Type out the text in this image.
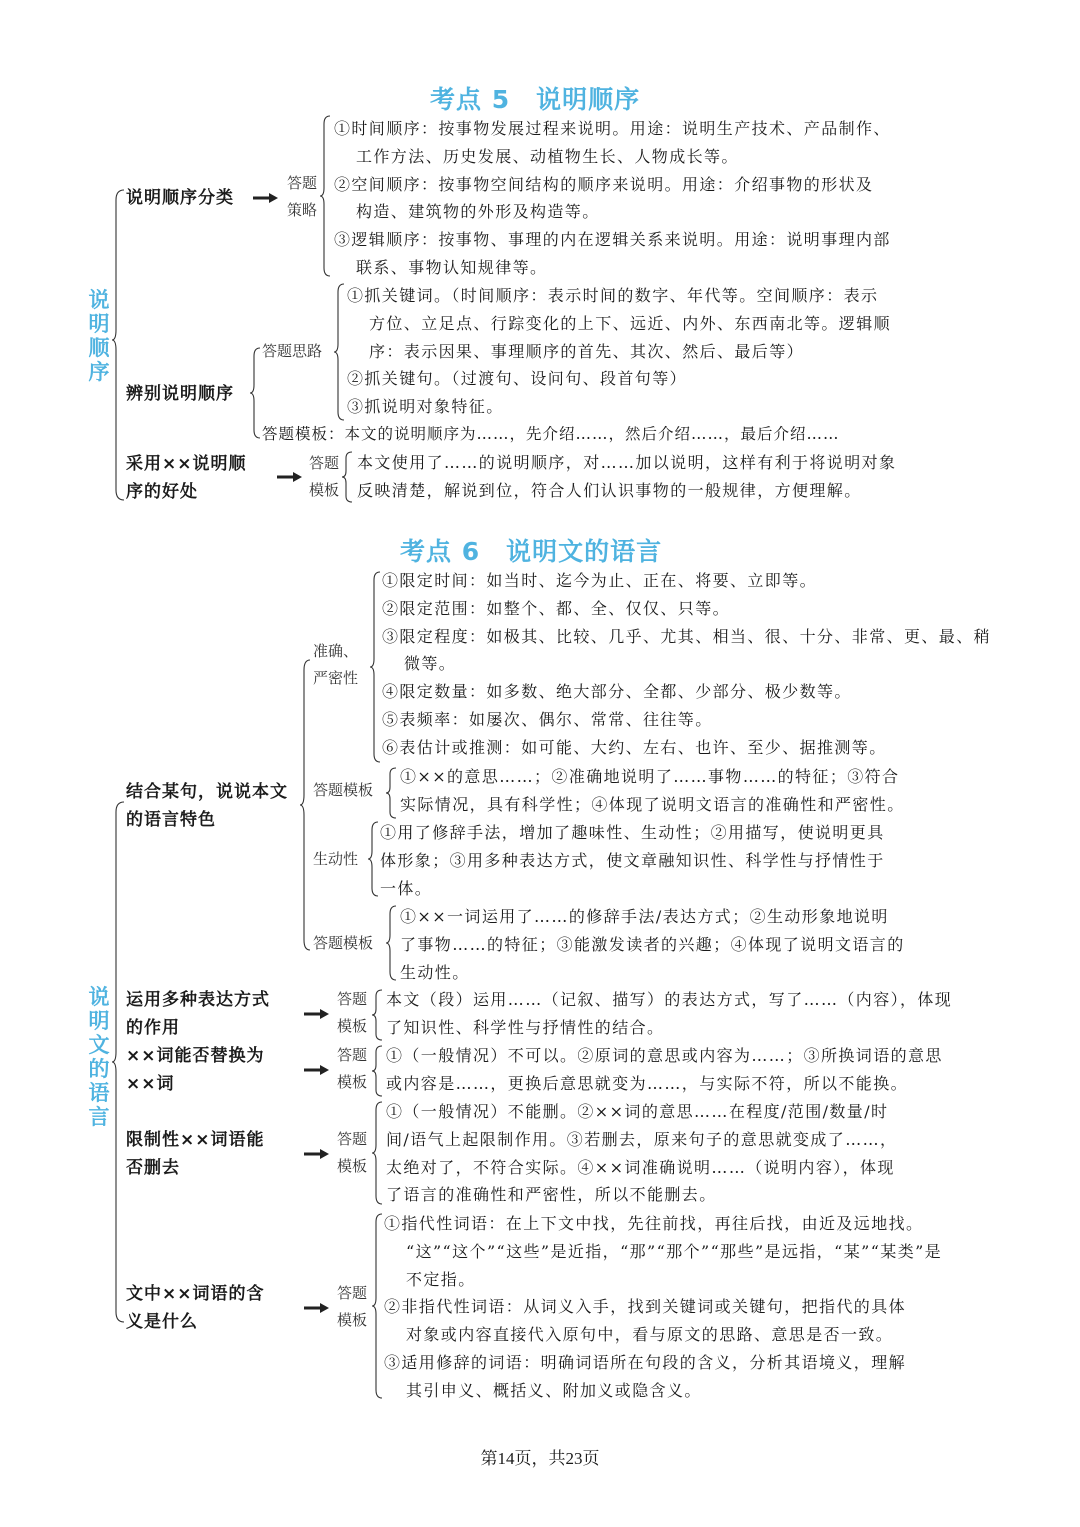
考点 5　说明顺序
说明顺序
说明顺序分类
答题策略
①时间顺序：按事物发展过程来说明。用途：说明生产技术、产品制作、
工作方法、历史发展、动植物生长、人物成长等。
②空间顺序：按事物空间结构的顺序来说明。用途：介绍事物的形状及
构造、建筑物的外形及构造等。
③逻辑顺序：按事物、事理的内在逻辑关系来说明。用途：说明事理内部
联系、事物认知规律等。
辨别说明顺序
答题思路
①抓关键词。（时间顺序：表示时间的数字、年代等。空间顺序：表示
方位、立足点、行踪变化的上下、远近、内外、东西南北等。逻辑顺
序：表示因果、事理顺序的首先、其次、然后、最后等）
②抓关键句。（过渡句、设问句、段首句等）
③抓说明对象特征。
答题模板：本文的说明顺序为……，先介绍……，然后介绍……，最后介绍……
采用××说明顺
序的好处
答题模板
本文使用了……的说明顺序，对……加以说明，这样有利于将说明对象
反映清楚，解说到位，符合人们认识事物的一般规律，方便理解。
考点 6　说明文的语言
说明文的语言
结合某句，说说本文
的语言特色
准确、严密性
①限定时间：如当时、迄今为止、正在、将要、立即等。
②限定范围：如整个、都、全、仅仅、只等。
③限定程度：如极其、比较、几乎、尤其、相当、很、十分、非常、更、最、稍
微等。
④限定数量：如多数、绝大部分、全都、少部分、极少数等。
⑤表频率：如屡次、偶尔、常常、往往等。
⑥表估计或推测：如可能、大约、左右、也许、至少、据推测等。
答题模板
①××的意思……；②准确地说明了……事物……的特征；③符合
实际情况，具有科学性；④体现了说明文语言的准确性和严密性。
生动性
①用了修辞手法，增加了趣味性、生动性；②用描写，使说明更具
体形象；③用多种表达方式，使文章融知识性、科学性与抒情性于
一体。
答题模板
①××一词运用了……的修辞手法/表达方式；②生动形象地说明
了事物……的特征；③能激发读者的兴趣；④体现了说明文语言的
生动性。
运用多种表达方式
的作用
答题模板
本文（段）运用……（记叙、描写）的表达方式，写了……（内容），体现
了知识性、科学性与抒情性的结合。
××词能否替换为
××词
答题模板
①（一般情况）不可以。②原词的意思或内容为……；③所换词语的意思
或内容是……，更换后意思就变为……，与实际不符，所以不能换。
限制性××词语能
否删去
答题模板
①（一般情况）不能删。②××词的意思……在程度/范围/数量/时
间/语气上起限制作用。③若删去，原来句子的意思就变成了……，
太绝对了，不符合实际。④××词准确说明……（说明内容），体现
了语言的准确性和严密性，所以不能删去。
文中××词语的含
义是什么
答题模板
①指代性词语：在上下文中找，先往前找，再往后找，由近及远地找。
“这”“这个”“这些”是近指，“那”“那个”“那些”是远指，“某”“某类”是
不定指。
②非指代性词语：从词义入手，找到关键词或关键句，把指代的具体
对象或内容直接代入原句中，看与原文的思路、意思是否一致。
③适用修辞的词语：明确词语所在句段的含义，分析其语境义，理解
其引申义、概括义、附加义或隐含义。
第14页，共23页
